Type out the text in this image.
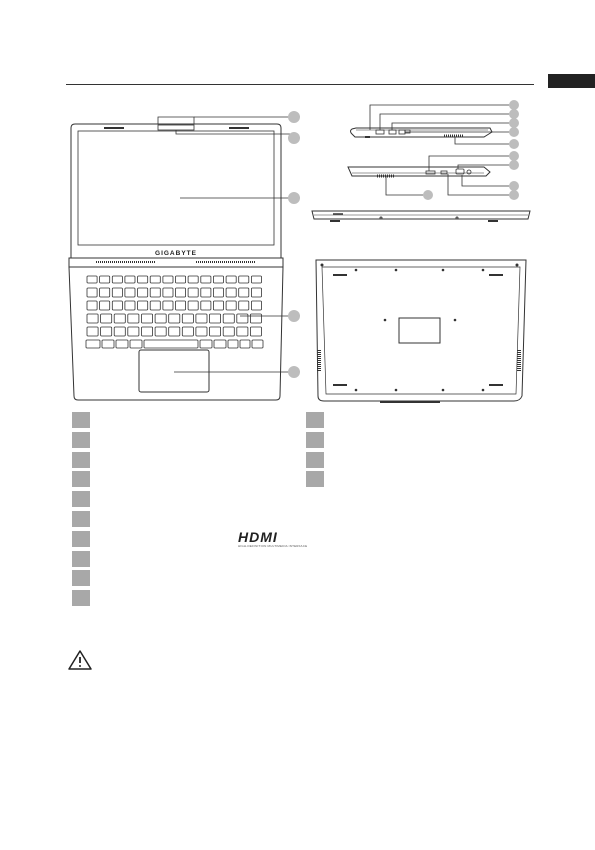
GIGABYTE
HDMI
HIGH-DEFINITION MULTIMEDIA INTERFACE
